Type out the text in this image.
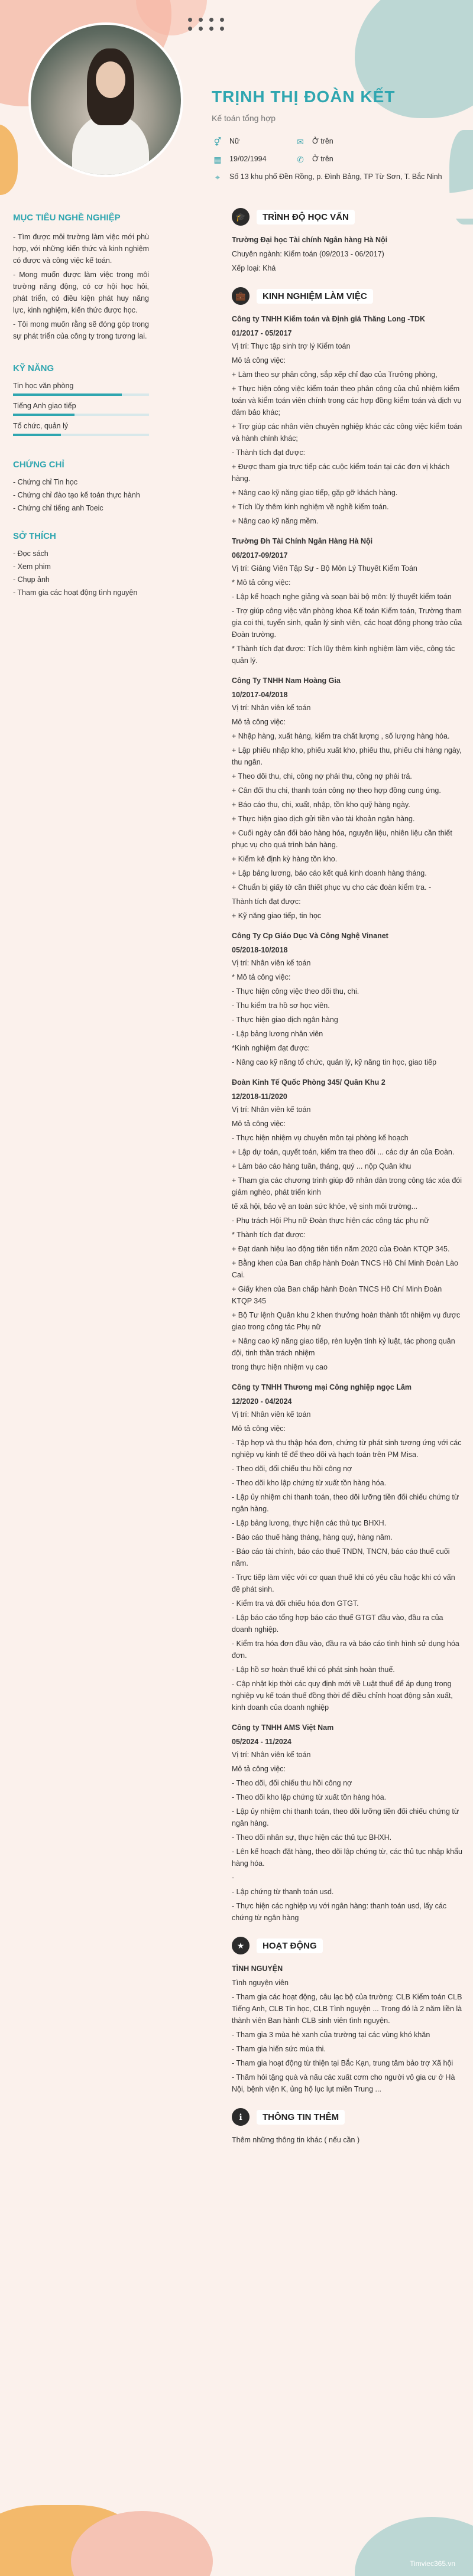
TRỊNH THỊ ĐOÀN KẾT
Kế toán tổng hợp
⚥ Nữ	✉	Ở trên
▦ 19/02/1994	✆	Ở trên
⌖	Số 13 khu phố Đền Rồng, p. Đình Bảng, TP Từ Sơn, T. Bắc Ninh
MỤC TIÊU NGHỀ NGHIỆP

- Tìm được môi trường làm việc mới phù hợp, với những kiến thức và kinh nghiệm có được và công việc kế toán.

- Mong muốn được làm việc trong môi trường năng động, có cơ hội học hỏi, phát triển, có điều kiện phát huy năng lực, kinh nghiệm, kiến thức được học.

- Tôi mong muốn rằng sẽ đóng góp trong sự phát triển của công ty trong tương lai.

KỸ NĂNG
Tin học văn phòng
Tiếng Anh giao tiếp
Tổ chức, quản lý
CHỨNG CHỈ
- Chứng chỉ Tin học
- Chứng chỉ đào tạo kế toán thực hành
- Chứng chỉ tiếng anh Toeic
SỞ THÍCH
- Đọc sách
- Xem phim
- Chụp ảnh
- Tham gia các hoạt động tình nguyện
🎓	TRÌNH ĐỘ HỌC VẤN
Trường Đại học Tài chính Ngân hàng Hà Nội
Chuyên ngành: Kiểm toán (09/2013 - 06/2017)
Xếp loại: Khá
💼	KINH NGHIỆM LÀM VIỆC
Công ty TNHH Kiểm toán và Định giá Thăng Long -TDK
01/2017 - 05/2017
Vị trí: Thực tập sinh trợ lý Kiểm toán
Mô tả công việc:
+ Làm theo sự phân công, sắp xếp chỉ đạo của Trưởng phòng,
+ Thực hiện công việc kiểm toán theo phân công của chủ nhiệm kiểm toán và kiểm toán viên chính trong các hợp đồng kiểm toán và dịch vụ đảm bảo khác;
+ Trợ giúp các nhân viên chuyên nghiệp khác các công việc kiểm toán và hành chính khác;
- Thành tích đạt được:
+ Được tham gia trực tiếp các cuộc kiểm toán tại các đơn vị khách hàng.
+ Nâng cao kỹ năng giao tiếp, gặp gỡ khách hàng.
+ Tích lũy thêm kinh nghiệm về nghề kiểm toán.
+ Nâng cao kỹ năng mềm.
Trường Đh Tài Chính Ngân Hàng Hà Nội
06/2017-09/2017
Vị trí: Giảng Viên Tập Sự - Bộ Môn Lý Thuyết Kiểm Toán
* Mô tả công việc:
- Lập kế hoạch nghe giảng và soạn bài bộ môn: lý thuyết kiểm toán
- Trợ giúp công việc văn phòng khoa Kế toán Kiểm toán, Trường tham gia coi thi, tuyển sinh, quản lý sinh viên, các hoạt động phong trào của Đoàn trường.
* Thành tích đạt được: Tích lũy thêm kinh nghiệm làm việc, công tác quản lý.
Công Ty TNHH Nam Hoàng Gia
10/2017-04/2018
Vị trí: Nhân viên kế toán
Mô tả công việc:
+ Nhập hàng, xuất hàng, kiểm tra chất lượng , số lượng hàng hóa.
+ Lập phiếu nhập kho, phiếu xuất kho, phiếu thu, phiếu chi hàng ngày, thu ngân.
+ Theo dõi thu, chi, công nợ phải thu, công nợ phải trả.
+ Cân đối thu chi, thanh toán công nợ theo hợp đồng cung ứng.
+ Báo cáo thu, chi, xuất, nhập, tồn kho quỹ hàng ngày.
+ Thực hiện giao dịch gửi tiền vào tài khoản ngân hàng.
+ Cuối ngày cân đối báo hàng hóa, nguyên liệu, nhiên liệu cần thiết phục vụ cho quá trình bán hàng.
+ Kiểm kê định kỳ hàng tồn kho.
+ Lập bảng lương, báo cáo kết quả kinh doanh hàng tháng.
+ Chuẩn bị giấy tờ cần thiết phục vụ cho các đoàn kiểm tra. -
Thành tích đạt được:
+ Kỹ năng giao tiếp, tin học
Công Ty Cp Giáo Dục Và Công Nghệ Vinanet
05/2018-10/2018
Vị trí: Nhân viên kế toán
* Mô tả công việc:
- Thực hiện công việc theo dõi thu, chi.
- Thu kiểm tra hồ sơ học viên.
- Thực hiện giao dịch ngân hàng
- Lập bảng lương nhân viên
*Kinh nghiệm đạt được:
- Nâng cao kỹ năng tổ chức, quản lý, kỹ năng tin học, giao tiếp
Đoàn Kinh Tế Quốc Phòng 345/ Quân Khu 2
12/2018-11/2020
Vị trí: Nhân viên kế toán
Mô tả công việc:
- Thực hiện nhiệm vụ chuyên môn tại phòng kế hoạch
+ Lập dự toán, quyết toán, kiểm tra theo dõi ... các dự án của Đoàn.
+ Làm báo cáo hàng tuần, tháng, quý ... nộp Quân khu
+ Tham gia các chương trình giúp đỡ nhân dân trong công tác xóa đói giảm nghèo, phát triển kinh
tế xã hội, bảo vệ an toàn sức khỏe, vệ sinh môi trường...
- Phụ trách Hội Phụ nữ Đoàn thực hiện các công tác phụ nữ
* Thành tích đạt được:
+ Đạt danh hiệu lao động tiên tiến năm 2020 của Đoàn KTQP 345.
+ Bằng khen của Ban chấp hành Đoàn TNCS Hồ Chí Minh Đoàn Lào Cai.
+ Giấy khen của Ban chấp hành Đoàn TNCS Hồ Chí Minh Đoàn KTQP 345
+ Bộ Tư lệnh Quân khu 2 khen thưởng hoàn thành tốt nhiệm vụ được giao trong công tác Phụ nữ
+ Nâng cao kỹ năng giao tiếp, rèn luyện tính kỷ luật, tác phong quân đội, tinh thần trách nhiệm
trong thực hiện nhiệm vụ cao
Công ty TNHH Thương mại Công nghiệp ngọc Lâm
12/2020 - 04/2024
Vị trí: Nhân viên kế toán
Mô tả công việc:
- Tập hợp và thu thập hóa đơn, chứng từ phát sinh tương ứng với các nghiệp vụ kinh tế để theo dõi và hạch toán trên PM Misa.
- Theo dõi, đối chiếu thu hồi công nợ
- Theo dõi kho lập chứng từ xuất tồn hàng hóa.
- Lập ủy nhiệm chi thanh toán, theo dõi lưỡng tiền đối chiếu chứng từ ngân hàng.
- Lập bảng lương, thực hiện các thủ tục BHXH.
- Báo cáo thuế hàng tháng, hàng quý, hàng năm.
- Báo cáo tài chính, báo cáo thuế TNDN, TNCN, báo cáo thuế cuối năm.
- Trực tiếp làm việc với cơ quan thuế khi có yêu cầu hoặc khi có vấn đề phát sinh.
- Kiểm tra và đối chiếu hóa đơn GTGT.
- Lập báo cáo tổng hợp báo cáo thuế GTGT đầu vào, đầu ra của doanh nghiệp.
- Kiểm tra hóa đơn đầu vào, đầu ra và báo cáo tình hình sử dụng hóa đơn.
- Lập hồ sơ hoàn thuế khi có phát sinh hoàn thuế.
- Cập nhật kịp thời các quy định mới về Luật thuế để áp dụng trong nghiệp vụ kế toán thuế đồng thời để điều chỉnh hoạt động sản xuất, kinh doanh của doanh nghiệp
Công ty TNHH AMS Việt Nam
05/2024 - 11/2024
Vị trí: Nhân viên kế toán
Mô tả công việc:
- Theo dõi, đối chiếu thu hồi công nợ
- Theo dõi kho lập chứng từ xuất tồn hàng hóa.
- Lập ủy nhiệm chi thanh toán, theo dõi lưỡng tiền đối chiếu chứng từ ngân hàng.
- Theo dõi nhân sự, thực hiện các thủ tục BHXH.
- Lên kế hoạch đặt hàng, theo dõi lập chứng từ, các thủ tục nhập khẩu hàng hóa.
-
- Lập chứng từ thanh toán usd.
- Thực hiện các nghiệp vụ với ngân hàng: thanh toán usd, lấy các chứng từ ngân hàng
★	HOẠT ĐỘNG
TÌNH NGUYỆN
Tình nguyện viên
- Tham gia các hoạt động, câu lạc bộ của trường: CLB Kiểm toán CLB Tiếng Anh, CLB Tin học, CLB Tình nguyện ... Trong đó là 2 năm liền là thành viên Ban hành CLB sinh viên tình nguyện.
- Tham gia 3 mùa hè xanh của trường tại các vùng khó khăn
- Tham gia hiến sức mùa thi.
- Tham gia hoạt động từ thiện tại Bắc Kạn, trung tâm bảo trợ Xã hội
- Thăm hỏi tặng quà và nấu các xuất cơm cho người vô gia cư ở Hà Nội, bệnh viện K, ủng hộ lục lụt miền Trung ...
ℹ	THÔNG TIN THÊM
Thêm những thông tin khác ( nếu cần )
Timviec365.vn
